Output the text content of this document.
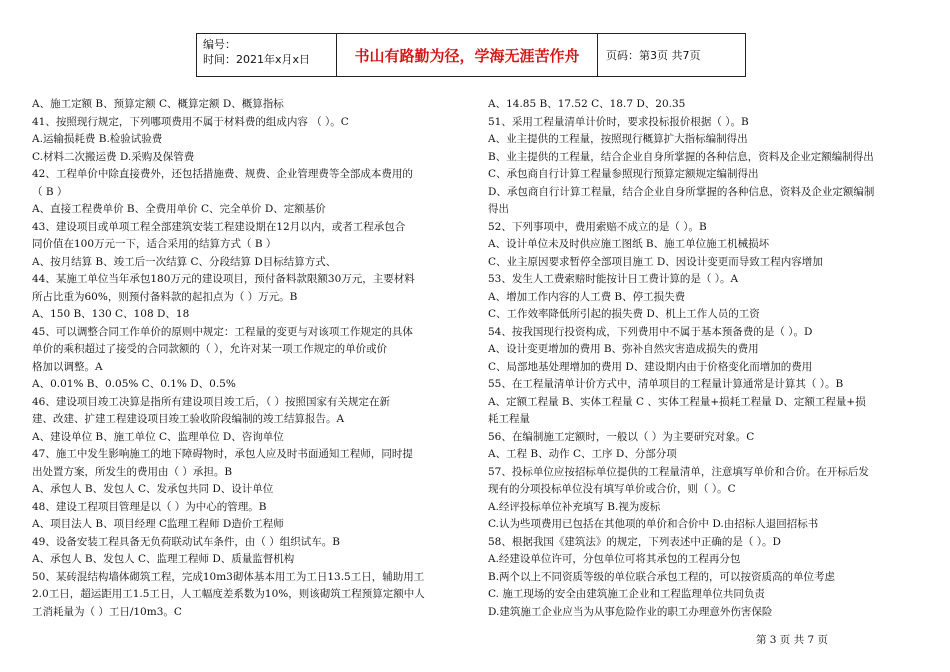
编号：
时间：2021年x月x日	书山有路勤为径，学海无涯苦作舟	页码：第3页 共7页
A、施工定额 B、预算定额 C、概算定额 D、概算指标
41、按照现行规定，下列哪项费用不属于材料费的组成内容 （ ）。C
A.运输损耗费 B.检验试验费
C.材料二次搬运费 D.采购及保管费
42、工程单价中除直接费外，还包括措施费、规费、企业管理费等全部成本费用的
（ B ）
A、直接工程费单价 B、全费用单价 C、完全单价 D、定额基价
43、建设项目或单项工程全部建筑安装工程建设期在12月以内，或者工程承包合
同价值在100万元一下，适合采用的结算方式（ B ）
A、按月结算 B、竣工后一次结算 C、分段结算 D目标结算方式、
44、某施工单位当年承包180万元的建设项目，预付备料款限额30万元，主要材料
所占比重为60%，则预付备料款的起扣点为（ ）万元。B
A、150 B、130 C、108 D、18
45、可以调整合同工作单价的原则中规定：工程量的变更与对该项工作规定的具体
单价的乘积超过了接受的合同款额的（ ），允许对某一项工作规定的单价或价
格加以调整。A
A、0.01% B、0.05% C、0.1% D、0.5%
46、建设项目竣工决算是指所有建设项目竣工后，（ ）按照国家有关规定在新
建、改建、扩建工程建设项目竣工验收阶段编制的竣工结算报告。A
A、建设单位 B、施工单位 C、监理单位 D、咨询单位
47、施工中发生影响施工的地下障碍物时，承包人应及时书面通知工程师，同时提
出处置方案，所发生的费用由（ ）承担。B
A、承包人 B、发包人 C、发承包共同 D、设计单位
48、建设工程项目管理是以（ ）为中心的管理。B
A、项目法人 B、项目经理 C监理工程师 D造价工程师
49、设备安装工程具备无负荷联动试车条件，由（ ）组织试车。B
A、承包人 B、发包人 C、监理工程师 D、质量监督机构
50、某砖混结构墙体砌筑工程，完成10m3砌体基本用工为工日13.5工日，辅助用工
2.0工日，超运距用工1.5工日，人工幅度差系数为10%，则该砌筑工程预算定额中人
工消耗量为（ ）工日/10m3。C
A、14.85 B、17.52 C、18.7 D、20.35
51、采用工程量清单计价时，要求投标报价根据（ ）。B
A、业主提供的工程量，按照现行概算扩大指标编制得出
B、业主提供的工程量，结合企业自身所掌握的各种信息，资料及企业定额编制得出
C、承包商自行计算工程量参照现行预算定额规定编制得出
D、承包商自行计算工程量，结合企业自身所掌握的各种信息，资料及企业定额编制
得出
52、下列事项中，费用索赔不成立的是（ ）。B
A、设计单位未及时供应施工图纸 B、施工单位施工机械损坏
C、业主原因要求暂停全部项目施工 D、因设计变更而导致工程内容增加
53、发生人工费索赔时能按计日工费计算的是（ ）。A
A、增加工作内容的人工费 B、停工损失费
C、工作效率降低所引起的损失费 D、机上工作人员的工资
54、按我国现行投资构成，下列费用中不属于基本预备费的是（ ）。D
A、设计变更增加的费用 B、弥补自然灾害造成损失的费用
C、局部地基处理增加的费用 D、建设期内由于价格变化而增加的费用
55、在工程量清单计价方式中，清单项目的工程量计算通常是计算其（ ）。B
A、定额工程量 B、实体工程量 C 、实体工程量+损耗工程量 D、定额工程量+损
耗工程量
56、在编制施工定额时，一般以（ ）为主要研究对象。C
A、工程 B、动作 C、工序 D、分部分项
57、投标单位应按招标单位提供的工程量清单，注意填写单价和合价。在开标后发
现有的分项投标单位没有填写单价或合价，则（ ）。C
A.经评投标单位补充填写 B.视为废标
C.认为些项费用已包括在其他项的单价和合价中 D.由招标人退回招标书
58、根据我国《建筑法》的规定，下列表述中正确的是（ ）。D
A.经建设单位许可，分包单位可将其承包的工程再分包
B.两个以上不同资质等级的单位联合承包工程的，可以按资质高的单位考虑
C. 施工现场的安全由建筑施工企业和工程监理单位共同负责
D.建筑施工企业应当为从事危险作业的职工办理意外伤害保险
第 3 页 共 7 页
